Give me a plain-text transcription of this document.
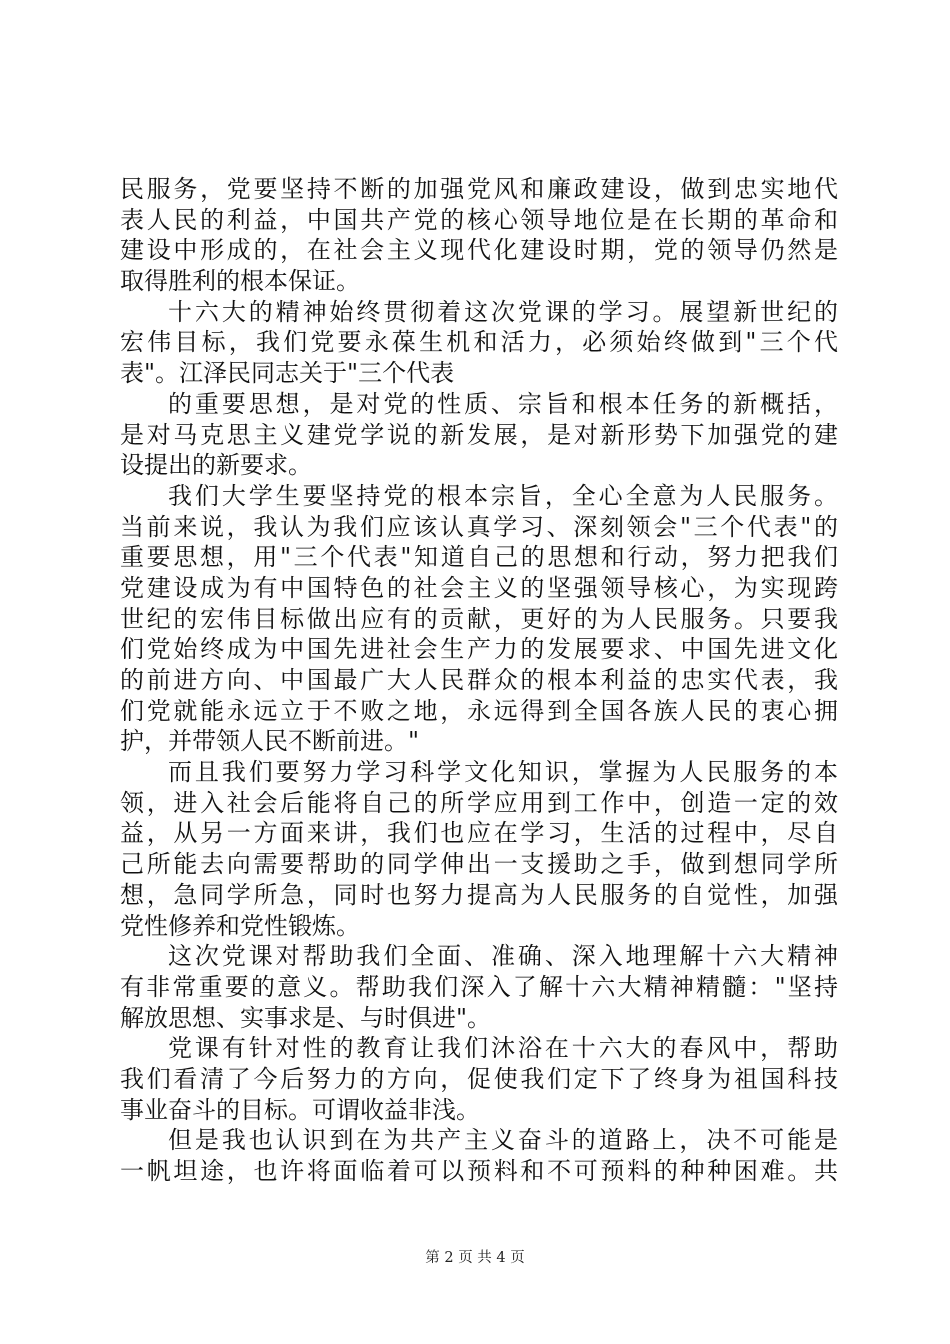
民服务，党要坚持不断的加强党风和廉政建设，做到忠实地代
表人民的利益，中国共产党的核心领导地位是在长期的革命和
建设中形成的，在社会主义现代化建设时期，党的领导仍然是
取得胜利的根本保证。
十六大的精神始终贯彻着这次党课的学习。展望新世纪的
宏伟目标，我们党要永葆生机和活力，必须始终做到"三个代
表"。江泽民同志关于"三个代表
的重要思想，是对党的性质、宗旨和根本任务的新概括，
是对马克思主义建党学说的新发展，是对新形势下加强党的建
设提出的新要求。
我们大学生要坚持党的根本宗旨，全心全意为人民服务。
当前来说，我认为我们应该认真学习、深刻领会"三个代表"的
重要思想，用"三个代表"知道自己的思想和行动，努力把我们
党建设成为有中国特色的社会主义的坚强领导核心，为实现跨
世纪的宏伟目标做出应有的贡献，更好的为人民服务。只要我
们党始终成为中国先进社会生产力的发展要求、中国先进文化
的前进方向、中国最广大人民群众的根本利益的忠实代表，我
们党就能永远立于不败之地，永远得到全国各族人民的衷心拥
护，并带领人民不断前进。"
而且我们要努力学习科学文化知识，掌握为人民服务的本
领，进入社会后能将自己的所学应用到工作中，创造一定的效
益，从另一方面来讲，我们也应在学习，生活的过程中，尽自
己所能去向需要帮助的同学伸出一支援助之手，做到想同学所
想，急同学所急，同时也努力提高为人民服务的自觉性，加强
党性修养和党性锻炼。
这次党课对帮助我们全面、准确、深入地理解十六大精神
有非常重要的意义。帮助我们深入了解十六大精神精髓："坚持
解放思想、实事求是、与时俱进"。
党课有针对性的教育让我们沐浴在十六大的春风中，帮助
我们看清了今后努力的方向，促使我们定下了终身为祖国科技
事业奋斗的目标。可谓收益非浅。
但是我也认识到在为共产主义奋斗的道路上，决不可能是
一帆坦途，也许将面临着可以预料和不可预料的种种困难。共
第 2 页 共 4 页
